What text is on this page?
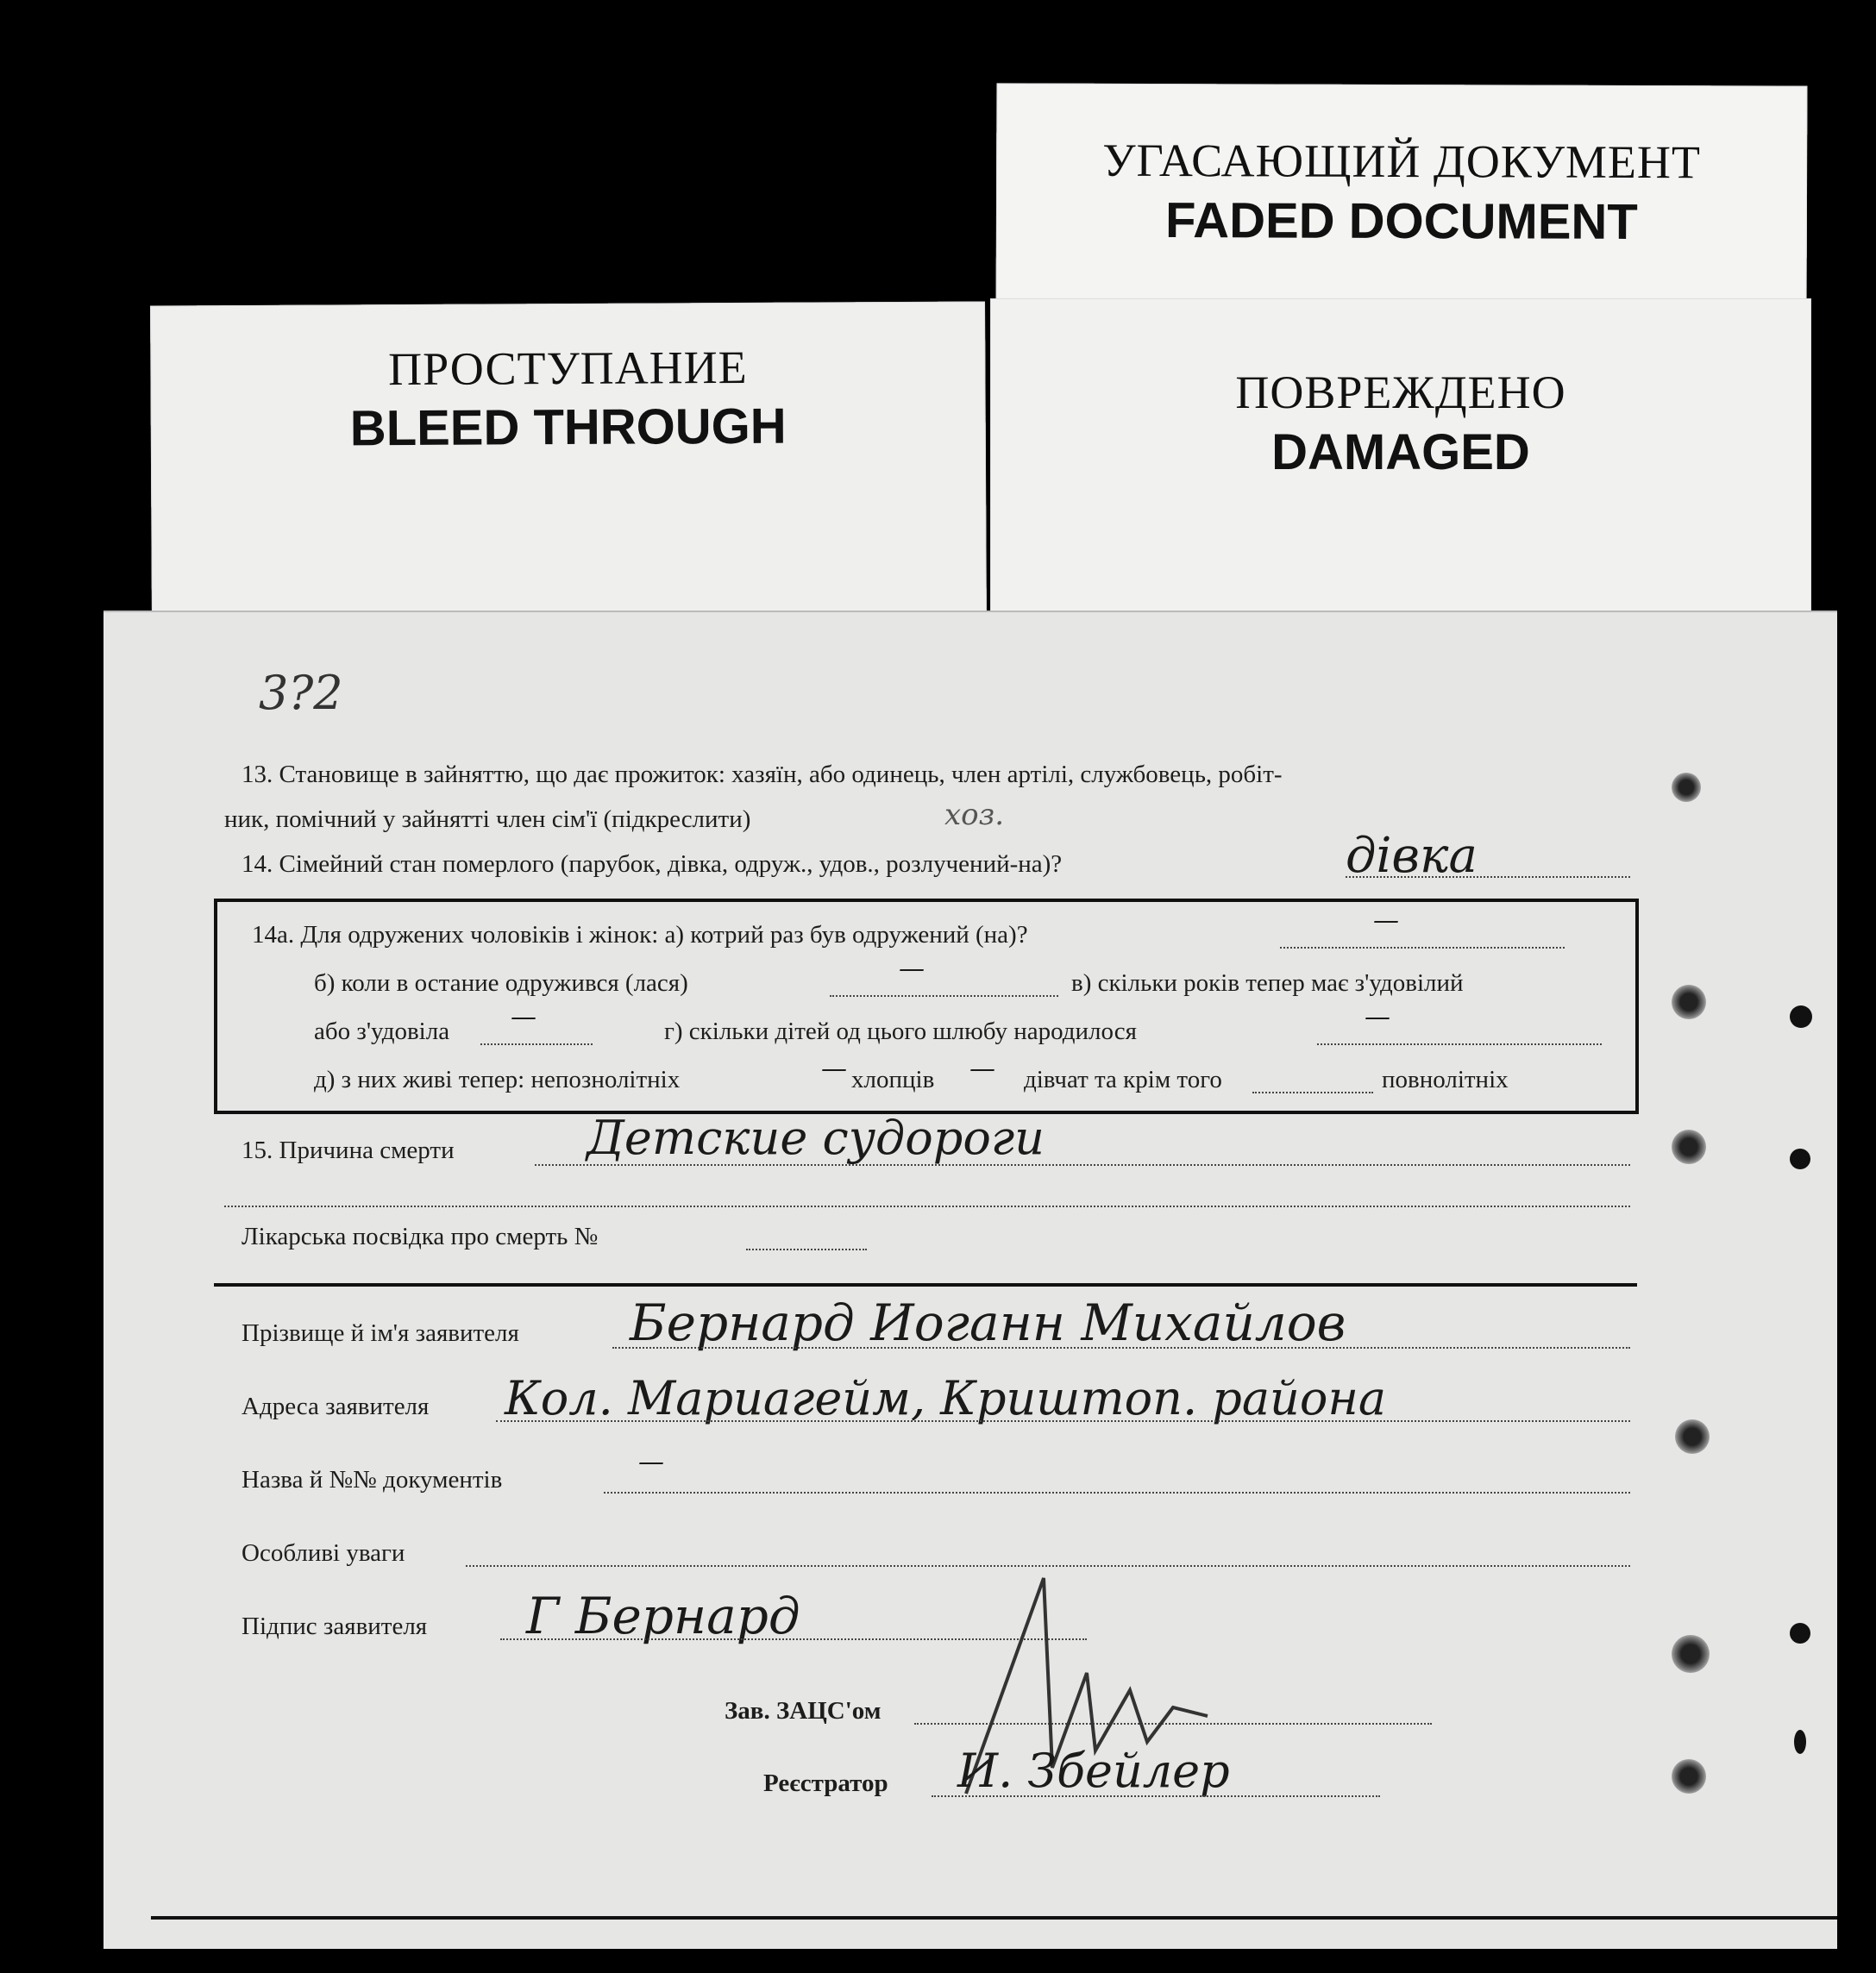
УГАСАЮЩИЙ ДОКУМЕНТ
FADED DOCUMENT
ПОВРЕЖДЕНО
DAMAGED
ПРОСТУПАНИЕ
BLEED THROUGH
3?2
13. Становище в зайняттю, що дає прожиток: хазяїн, або одинець, член артілі, службовець, робіт-
ник, помічний у зайнятті член сім'ї (підкреслити)	хоз.
14. Сімейний стан померлого (парубок, дівка, одруж., удов., розлучений-на)?	дівка
14а. Для одружених чоловіків і жінок: а) котрий раз був одружений (на)?	—
б) коли в остание одружився (лася)	—	в) скільки років тепер має з'удовілий
або з'удовіла —	г) скільки дітей од цього шлюбу народилося	—
д) з них живі тепер: непознолітніх	— хлопців — дівчат та крім того	повнолітніх
15. Причина смерти	Детские судороги
Лікарська посвідка про смерть №
Прізвище й ім'я заявителя Бернард Иоганн Михайлов
Адреса заявителя Кол. Мариагейм, Криштоп. района
Назва й №№ документів
—
Особливі уваги
Підпис заявителя Г Бернард
Зав. ЗАЦС'ом
Реєстратор И. Збейлер
